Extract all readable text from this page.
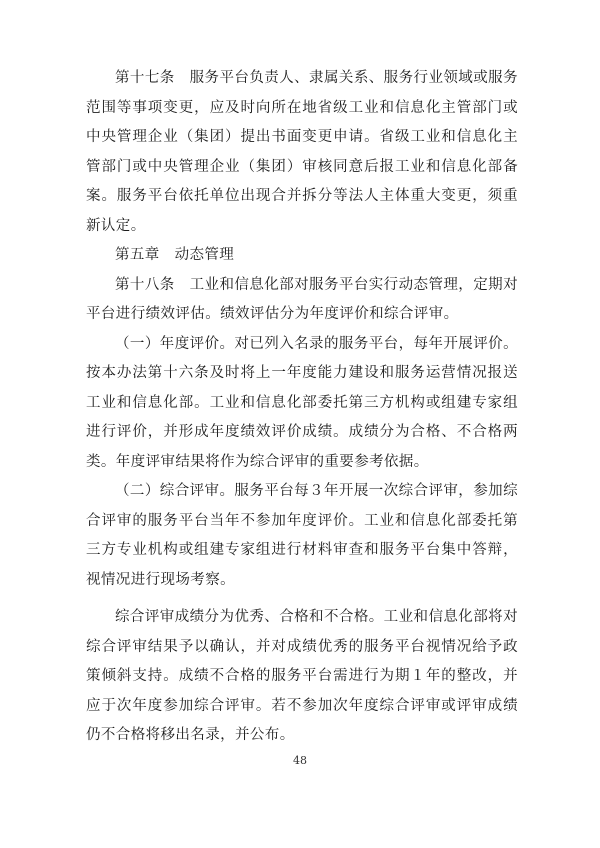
第十七条　服务平台负责人、隶属关系、服务行业领域或服务范围等事项变更，应及时向所在地省级工业和信息化主管部门或中央管理企业（集团）提出书面变更申请。省级工业和信息化主管部门或中央管理企业（集团）审核同意后报工业和信息化部备案。服务平台依托单位出现合并拆分等法人主体重大变更，须重新认定。

第五章　动态管理

第十八条　工业和信息化部对服务平台实行动态管理，定期对平台进行绩效评估。绩效评估分为年度评价和综合评审。

（一）年度评价。对已列入名录的服务平台，每年开展评价。按本办法第十六条及时将上一年度能力建设和服务运营情况报送工业和信息化部。工业和信息化部委托第三方机构或组建专家组进行评价，并形成年度绩效评价成绩。成绩分为合格、不合格两类。年度评审结果将作为综合评审的重要参考依据。

（二）综合评审。服务平台每３年开展一次综合评审，参加综合评审的服务平台当年不参加年度评价。工业和信息化部委托第三方专业机构或组建专家组进行材料审查和服务平台集中答辩，视情况进行现场考察。

综合评审成绩分为优秀、合格和不合格。工业和信息化部将对综合评审结果予以确认，并对成绩优秀的服务平台视情况给予政策倾斜支持。成绩不合格的服务平台需进行为期１年的整改，并应于次年度参加综合评审。若不参加次年度综合评审或评审成绩仍不合格将移出名录，并公布。

48
